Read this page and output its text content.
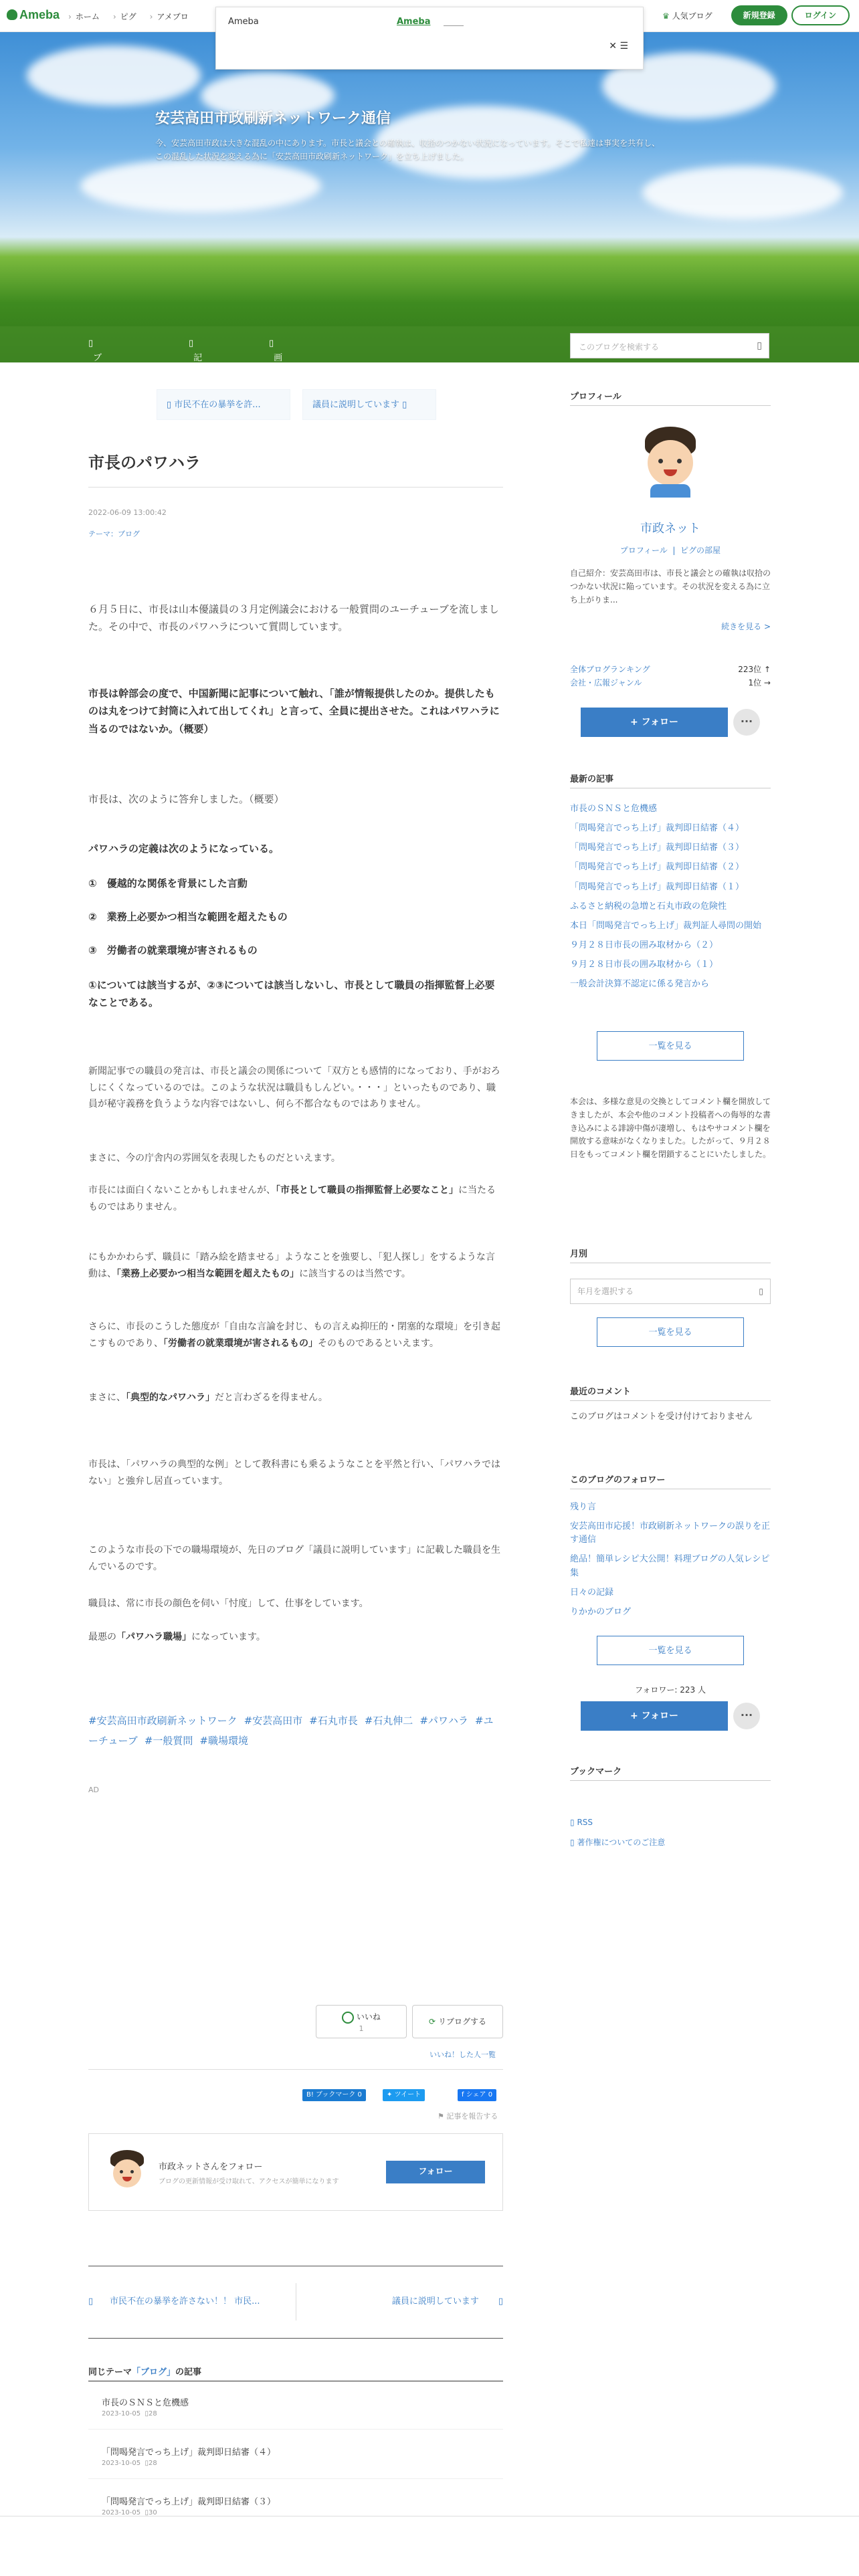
Ameba	› ホーム	› ピグ	› アメブロ	♛ 人気ブログ	新規登録	ログイン
安芸高田市政刷新ネットワーク通信
今、安芸高田市政は大きな混乱の中にあります。市長と議会との確執は、収拾のつかない状況になっています。そこで私達は事実を共有し、この混乱した状況を変える為に「安芸高田市政刷新ネットワーク」を立ち上げました。
▯
ブログトップ
▯
記事一
▯
画像一
このブログを検索する	▯
Ameba	Ameba
✕ ☰
▯ 市民不在の暴挙を許...	議員に説明しています ▯
市長のパワハラ
2022-06-09 13:00:42
テーマ：ブログ
６月５日に、市長は山本優議員の３月定例議会における一般質問のユーチューブを流しました。その中で、市長のパワハラについて質問しています。
市長は幹部会の度で、中国新聞に記事について触れ、「誰が情報提供したのか。提供したものは丸をつけて封筒に入れて出してくれ」と言って、全員に提出させた。これはパワハラに当るのではないか。（概要）
市長は、次のように答弁しました。（概要）
パワハラの定義は次のようになっている。
①　優越的な関係を背景にした言動
②　業務上必要かつ相当な範囲を超えたもの
③　労働者の就業環境が害されるもの
①については該当するが、②③については該当しないし、市長として職員の指揮監督上必要なことである。
新聞記事での職員の発言は、市長と議会の関係について「双方とも感情的になっており、手がおろしにくくなっているのでは。このような状況は職員もしんどい。・・・」といったものであり、職員が秘守義務を負うような内容ではないし、何ら不都合なものではありません。
まさに、今の庁舎内の雰囲気を表現したものだといえます。
市長には面白くないことかもしれませんが、「市長として職員の指揮監督上必要なこと」に当たるものではありません。
にもかかわらず、職員に「踏み絵を踏ませる」ようなことを強要し、「犯人探し」をするような言動は、「業務上必要かつ相当な範囲を超えたもの」に該当するのは当然です。
さらに、市長のこうした態度が「自由な言論を封じ、もの言えぬ抑圧的・閉塞的な環境」を引き起こすものであり、「労働者の就業環境が害されるもの」そのものであるといえます。
まさに、「典型的なパワハラ」だと言わざるを得ません。
市長は、「パワハラの典型的な例」として教科書にも乗るようなことを平然と行い、「パワハラではない」と強弁し居直っています。
このような市長の下での職場環境が、先日のブログ「議員に説明しています」に記載した職員を生んでいるのです。
職員は、常に市長の顔色を伺い「忖度」して、仕事をしています。
最悪の「パワハラ職場」になっています。
#安芸高田市政刷新ネットワーク #安芸高田市 #石丸市長 #石丸伸二 #パワハラ #ユーチューブ #一般質問 #職場環境
AD
いいね
1
⟳ リブログする
いいね！した人一覧
B! ブックマーク 0	✦ ツイート	f シェア 0
⚑ 記事を報告する
市政ネットさんをフォロー
ブログの更新情報が受け取れて、アクセスが簡単になります
フォロー
▯ 市民不在の暴挙を許さない！！ 市民...	議員に説明しています ▯
同じテーマ「ブログ」の記事
市長のＳＮＳと危機感
2023-10-05 ▯28
「問喝発言でっち上げ」裁判即日結審（４）
2023-10-05 ▯28
「問喝発言でっち上げ」裁判即日結審（３）
2023-10-05 ▯30
プロフィール
市政ネット
プロフィール  |  ピグの部屋
自己紹介：安芸高田市は、市長と議会との確執は収拾のつかない状況に陥っています。その状況を変える為に立ち上がりま...
続きを見る >
全体ブログランキング	223位 ↑
会社・広報ジャンル	1位 →
+ フォロー	···
最新の記事
市長のＳＮＳと危機感
「問喝発言でっち上げ」裁判即日結審（４）
「問喝発言でっち上げ」裁判即日結審（３）
「問喝発言でっち上げ」裁判即日結審（２）
「問喝発言でっち上げ」裁判即日結審（１）
ふるさと納税の急増と石丸市政の危険性
本日「問喝発言でっち上げ」裁判証人尋問の開始
９月２８日市長の囲み取材から（２）
９月２８日市長の囲み取材から（１）
一般会計決算不認定に係る発言から
一覧を見る
本会は、多様な意見の交換としてコメント欄を開放してきましたが、本会や他のコメント投稿者への侮辱的な書き込みによる誹謗中傷が凄増し、もはやサコメント欄を開放する意味がなくなりました。したがって、９月２８日をもってコメント欄を閉鎖することにいたしました。
月別
年月を選択する	▯
一覧を見る
最近のコメント
このブログはコメントを受け付けておりません
このブログのフォロワー
残り言
安芸高田市応援！市政刷新ネットワークの誤りを正す通信
絶品！簡単レシピ大公開！料理ブログの人気レシピ集
日々の記録
りかかのブログ
一覧を見る
フォロワー: 223 人
+ フォロー	···
ブックマーク
▯ RSS
▯ 著作権についてのご注意
